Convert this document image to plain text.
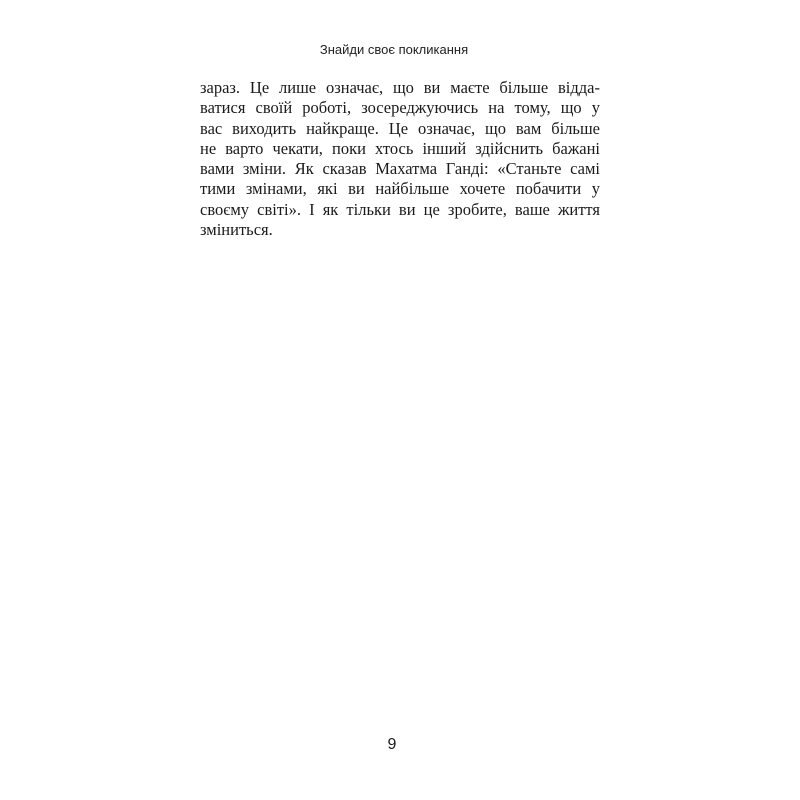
Знайди своє покликання
зараз. Це лише означає, що ви маєте більше відда-
ватися своїй роботі, зосереджуючись на тому, що у
вас виходить найкраще. Це означає, що вам більше
не варто чекати, поки хтось інший здійснить бажані
вами зміни. Як сказав Махатма Ганді: «Станьте самі
тими змінами, які ви найбільше хочете побачити у
своєму світі». І як тільки ви це зробите, ваше життя
зміниться.
9
